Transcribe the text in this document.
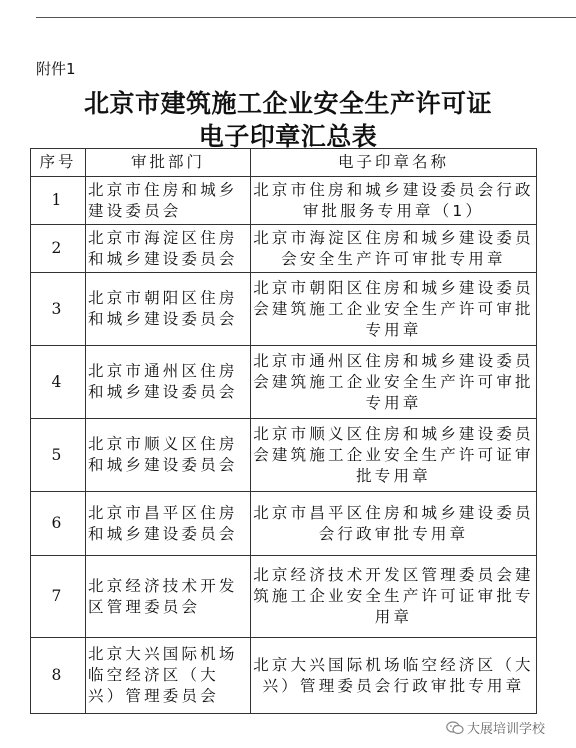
附件1
北京市建筑施工企业安全生产许可证
电子印章汇总表
序号	审批部门	电子印章名称
1	北京市住房和城乡建设委员会	北京市住房和城乡建设委员会行政审批服务专用章（1）
2	北京市海淀区住房和城乡建设委员会	北京市海淀区住房和城乡建设委员会安全生产许可审批专用章
3	北京市朝阳区住房和城乡建设委员会	北京市朝阳区住房和城乡建设委员会建筑施工企业安全生产许可审批专用章
4	北京市通州区住房和城乡建设委员会	北京市通州区住房和城乡建设委员会建筑施工企业安全生产许可审批专用章
5	北京市顺义区住房和城乡建设委员会	北京市顺义区住房和城乡建设委员会建筑施工企业安全生产许可证审批专用章
6	北京市昌平区住房和城乡建设委员会	北京市昌平区住房和城乡建设委员会行政审批专用章
7	北京经济技术开发区管理委员会	北京经济技术开发区管理委员会建筑施工企业安全生产许可证审批专用章
8	北京大兴国际机场临空经济区（大兴）管理委员会	北京大兴国际机场临空经济区（大兴）管理委员会行政审批专用章
大展培训学校
